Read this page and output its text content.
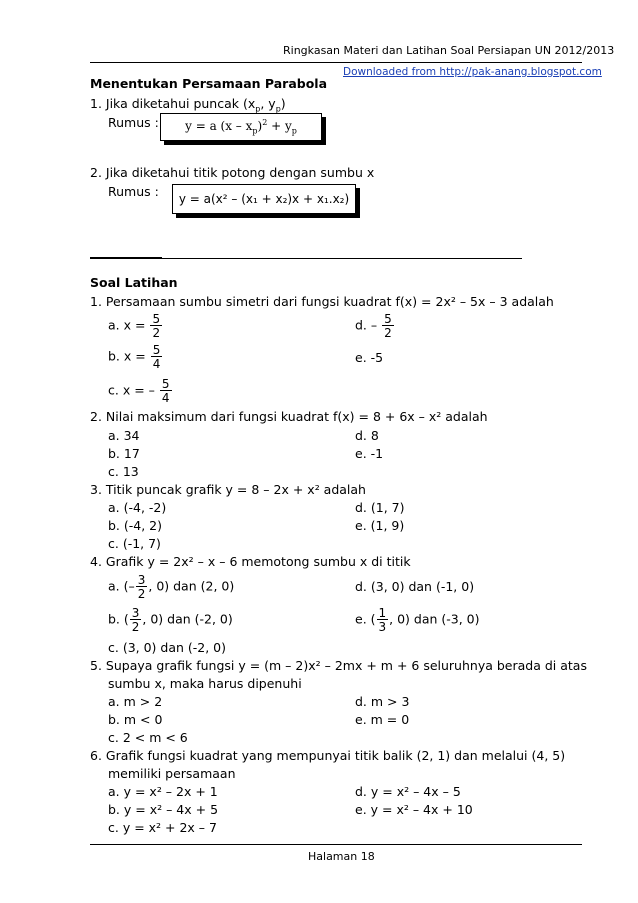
Ringkasan Materi dan Latihan Soal Persiapan UN 2012/2013
Downloaded from http://pak-anang.blogspot.com
Menentukan Persamaan Parabola
1. Jika diketahui puncak ($x_p$, $y_p$)
Rumus : y = a $(x - x_p)^2 + y_p$
2. Jika diketahui titik potong dengan sumbu x
Rumus : y = a(x² – (x₁ + x₂)x + x₁.x₂)
Soal Latihan
1. Persamaan sumbu simetri dari fungsi kuadrat f(x) = 2x² – 5x – 3 adalah
a. $x = \frac{5}{2}$	d. – $\frac{5}{2}$
b. $x = \frac{5}{4}$	e. -5
c. x = – $\frac{5}{4}$
2. Nilai maksimum dari fungsi kuadrat f(x) = 8 + 6x – x² adalah
a. 34	d. 8
b. 17	e. -1
c. 13
3. Titik puncak grafik y = 8 – 2x + x² adalah
a. (-4, -2)	d. (1, 7)
b. (-4, 2)	e. (1, 9)
c. (-1, 7)
4. Grafik y = 2x² – x – 6 memotong sumbu x di titik
a. (– $\frac{3}{2}$ , 0) dan (2, 0)	d. (3, 0) dan (-1, 0)
b. ( $\frac{3}{2}$ , 0) dan (-2, 0)	e. ( $\frac{1}{3}$ , 0) dan (-3, 0)
c. (3, 0) dan (-2, 0)
5. Supaya grafik fungsi y = (m – 2)x² – 2mx + m + 6 seluruhnya berada di atas
sumbu x, maka harus dipenuhi
a. m > 2	d. m > 3
b. m < 0	e. m = 0
c. 2 < m < 6
6. Grafik fungsi kuadrat yang mempunyai titik balik (2, 1) dan melalui (4, 5)
memiliki persamaan
a. y = x² – 2x + 1	d. y = x² – 4x – 5
b. y = x² – 4x + 5	e. y = x² – 4x + 10
c. y = x² + 2x – 7
Halaman 18
